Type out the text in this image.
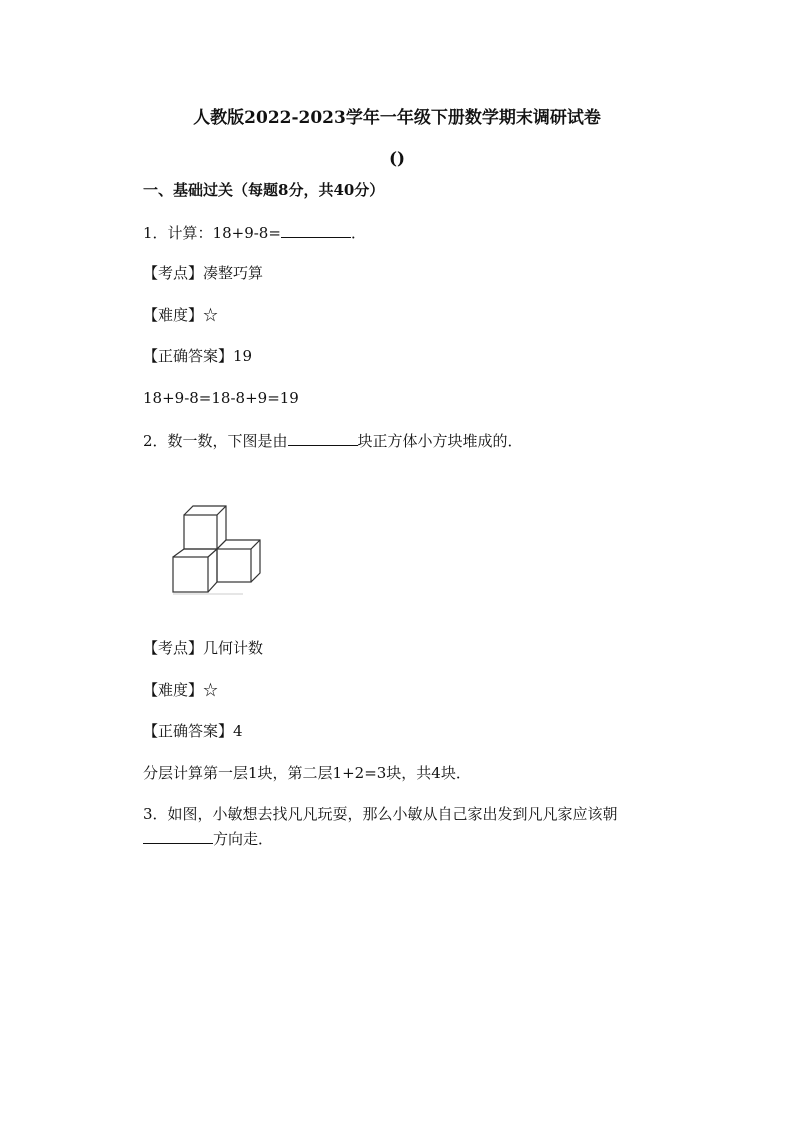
人教版2022-2023学年一年级下册数学期末调研试卷
()
一、基础过关（每题8分，共40分）
1．计算：18+9-8=	．
【考点】凑整巧算
【难度】☆
【正确答案】19
18+9-8=18-8+9=19
2．数一数，下图是由	块正方体小方块堆成的．
【考点】几何计数
【难度】☆
【正确答案】4
分层计算第一层1块，第二层1+2=3块，共4块．
3．如图，小敏想去找凡凡玩耍，那么小敏从自己家出发到凡凡家应该朝
方向走．
